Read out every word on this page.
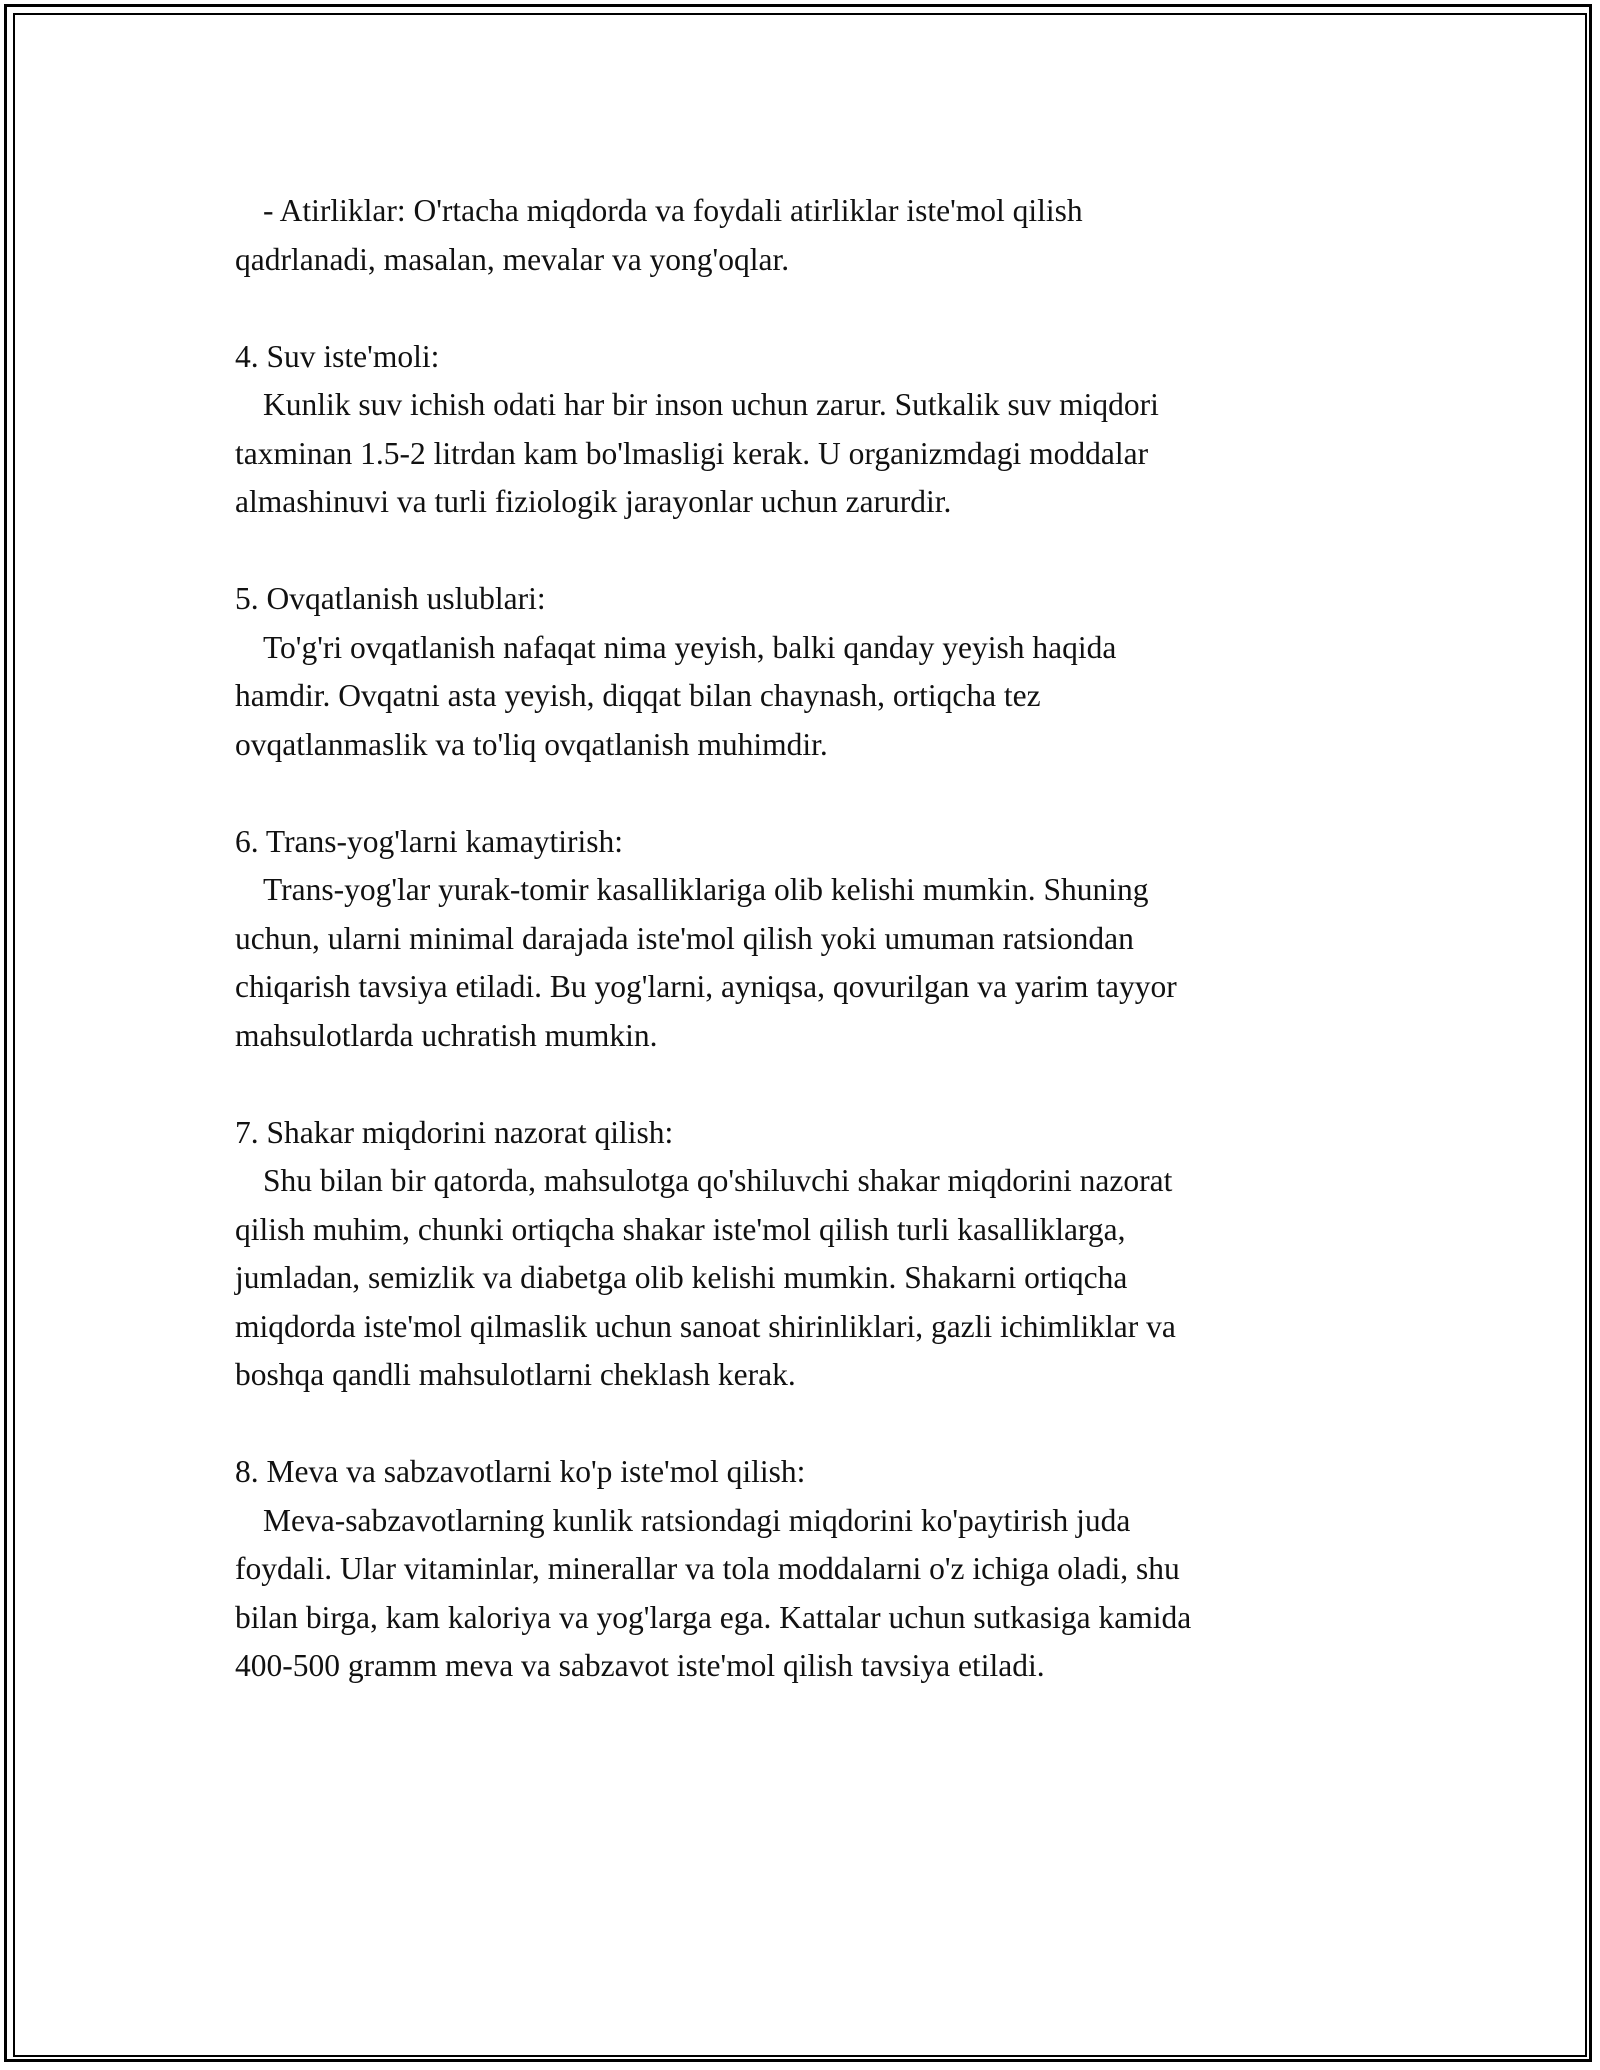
- Atirliklar: O'rtacha miqdorda va foydali atirliklar iste'mol qilish
qadrlanadi, masalan, mevalar va yong'oqlar.
4. Suv iste'moli:
Kunlik suv ichish odati har bir inson uchun zarur. Sutkalik suv miqdori
taxminan 1.5-2 litrdan kam bo'lmasligi kerak. U organizmdagi moddalar
almashinuvi va turli fiziologik jarayonlar uchun zarurdir.
5. Ovqatlanish uslublari:
To'g'ri ovqatlanish nafaqat nima yeyish, balki qanday yeyish haqida
hamdir. Ovqatni asta yeyish, diqqat bilan chaynash, ortiqcha tez
ovqatlanmaslik va to'liq ovqatlanish muhimdir.
6. Trans-yog'larni kamaytirish:
Trans-yog'lar yurak-tomir kasalliklariga olib kelishi mumkin. Shuning
uchun, ularni minimal darajada iste'mol qilish yoki umuman ratsiondan
chiqarish tavsiya etiladi. Bu yog'larni, ayniqsa, qovurilgan va yarim tayyor
mahsulotlarda uchratish mumkin.
7. Shakar miqdorini nazorat qilish:
Shu bilan bir qatorda, mahsulotga qo'shiluvchi shakar miqdorini nazorat
qilish muhim, chunki ortiqcha shakar iste'mol qilish turli kasalliklarga,
jumladan, semizlik va diabetga olib kelishi mumkin. Shakarni ortiqcha
miqdorda iste'mol qilmaslik uchun sanoat shirinliklari, gazli ichimliklar va
boshqa qandli mahsulotlarni cheklash kerak.
8. Meva va sabzavotlarni ko'p iste'mol qilish:
Meva-sabzavotlarning kunlik ratsiondagi miqdorini ko'paytirish juda
foydali. Ular vitaminlar, minerallar va tola moddalarni o'z ichiga oladi, shu
bilan birga, kam kaloriya va yog'larga ega. Kattalar uchun sutkasiga kamida
400-500 gramm meva va sabzavot iste'mol qilish tavsiya etiladi.
